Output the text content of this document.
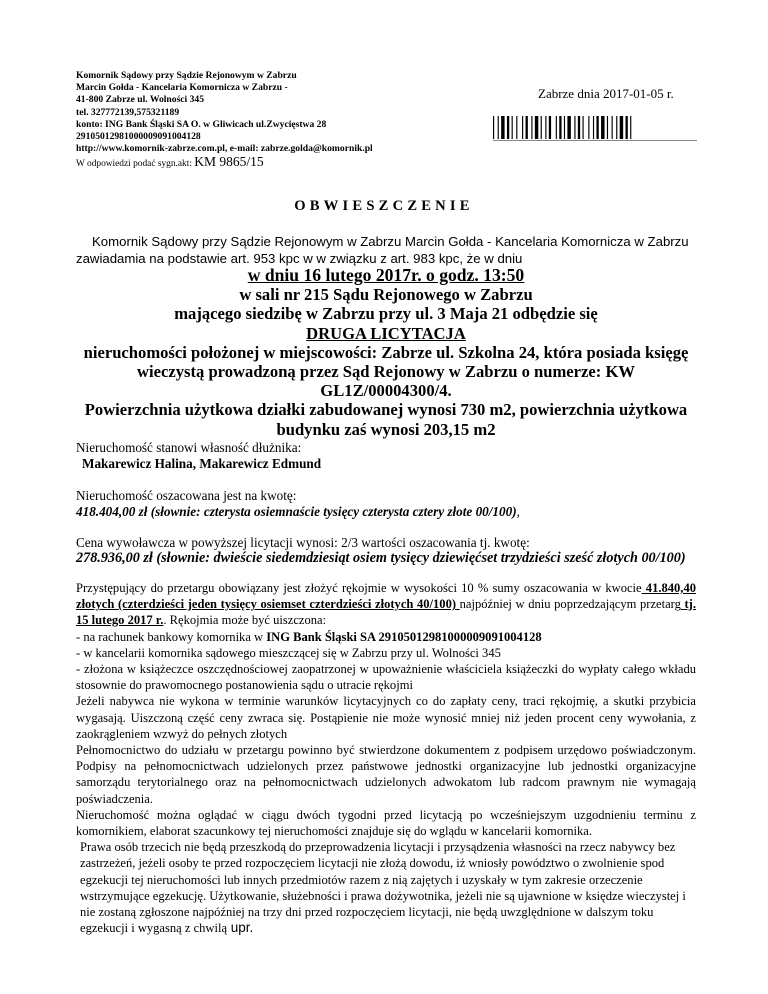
Komornik Sądowy przy Sądzie Rejonowym w Zabrzu
Marcin Gołda - Kancelaria Komornicza w Zabrzu -
41-800 Zabrze ul. Wolności 345
tel. 327772139,575321189
konto: ING Bank Śląski SA O. w Gliwicach ul.Zwycięstwa 28
29105012981000009091004128
http://www.komornik-zabrze.com.pl, e-mail: zabrze.golda@komornik.pl
W odpowiedzi podać sygn.akt: KM 9865/15
Zabrze dnia 2017-01-05 r.
OBWIESZCZENIE
Komornik Sądowy przy Sądzie Rejonowym w Zabrzu Marcin Gołda - Kancelaria Komornicza w Zabrzu zawiadamia na podstawie art. 953 kpc w w związku z art. 983 kpc, że w dniu
w dniu 16 lutego 2017r. o godz. 13:50
w sali nr 215 Sądu Rejonowego w Zabrzu
mającego siedzibę w Zabrzu przy ul. 3 Maja 21 odbędzie się
DRUGA LICYTACJA
nieruchomości położonej w miejscowości: Zabrze ul. Szkolna 24, która posiada księgę wieczystą prowadzoną przez Sąd Rejonowy w Zabrzu o numerze: KW GL1Z/00004300/4.
Powierzchnia użytkowa działki zabudowanej wynosi 730 m2, powierzchnia użytkowa budynku zaś wynosi 203,15 m2
Nieruchomość stanowi własność dłużnika:
Makarewicz Halina, Makarewicz Edmund
Nieruchomość oszacowana jest na kwotę:
418.404,00 zł (słownie: czterysta osiemnaście tysięcy czterysta cztery złote 00/100),
Cena wywoławcza w powyższej licytacji wynosi: 2/3 wartości oszacowania tj. kwotę:
278.936,00 zł (słownie: dwieście siedemdziesiąt osiem tysięcy dziewięćset trzydzieści sześć złotych 00/100)

Przystępujący do przetargu obowiązany jest złożyć rękojmie w wysokości 10 % sumy oszacowania w kwocie 41.840,40 złotych (czterdzieści jeden tysięcy osiemset czterdzieści złotych 40/100) najpóźniej w dniu poprzedzającym przetarg tj. 15 lutego 2017 r.. Rękojmia może być uiszczona:

- na rachunek bankowy komornika w ING Bank Śląski SA 29105012981000009091004128

- w kancelarii komornika sądowego mieszczącej się w Zabrzu przy ul. Wolności 345

- złożona w książeczce oszczędnościowej zaopatrzonej w upoważnienie właściciela książeczki do wypłaty całego wkładu stosownie do prawomocnego postanowienia sądu o utracie rękojmi

Jeżeli nabywca nie wykona w terminie warunków licytacyjnych co do zapłaty ceny, traci rękojmię, a skutki przybicia wygasają. Uiszczoną część ceny zwraca się. Postąpienie nie może wynosić mniej niż jeden procent ceny wywołania, z zaokrągleniem wzwyż do pełnych złotych

Pełnomocnictwo do udziału w przetargu powinno być stwierdzone dokumentem z podpisem urzędowo poświadczonym. Podpisy na pełnomocnictwach udzielonych przez państwowe jednostki organizacyjne lub jednostki organizacyjne samorządu terytorialnego oraz na pełnomocnictwach udzielonych adwokatom lub radcom prawnym nie wymagają poświadczenia.

Nieruchomość można oglądać w ciągu dwóch tygodni przed licytacją po wcześniejszym uzgodnieniu terminu z komornikiem, elaborat szacunkowy tej nieruchomości znajduje się do wglądu w kancelarii komornika.

Prawa osób trzecich nie będą przeszkodą do przeprowadzenia licytacji i przysądzenia własności na rzecz nabywcy bez zastrzeżeń, jeżeli osoby te przed rozpoczęciem licytacji nie złożą dowodu, iż wniosły powództwo o zwolnienie spod egzekucji tej nieruchomości lub innych przedmiotów razem z nią zajętych i uzyskały w tym zakresie orzeczenie wstrzymujące egzekucję. Użytkowanie, służebności i prawa dożywotnika, jeżeli nie są ujawnione w księdze wieczystej i nie zostaną zgłoszone najpóźniej na trzy dni przed rozpoczęciem licytacji, nie będą uwzględnione w dalszym toku egzekucji i wygasną z chwilą upr.
